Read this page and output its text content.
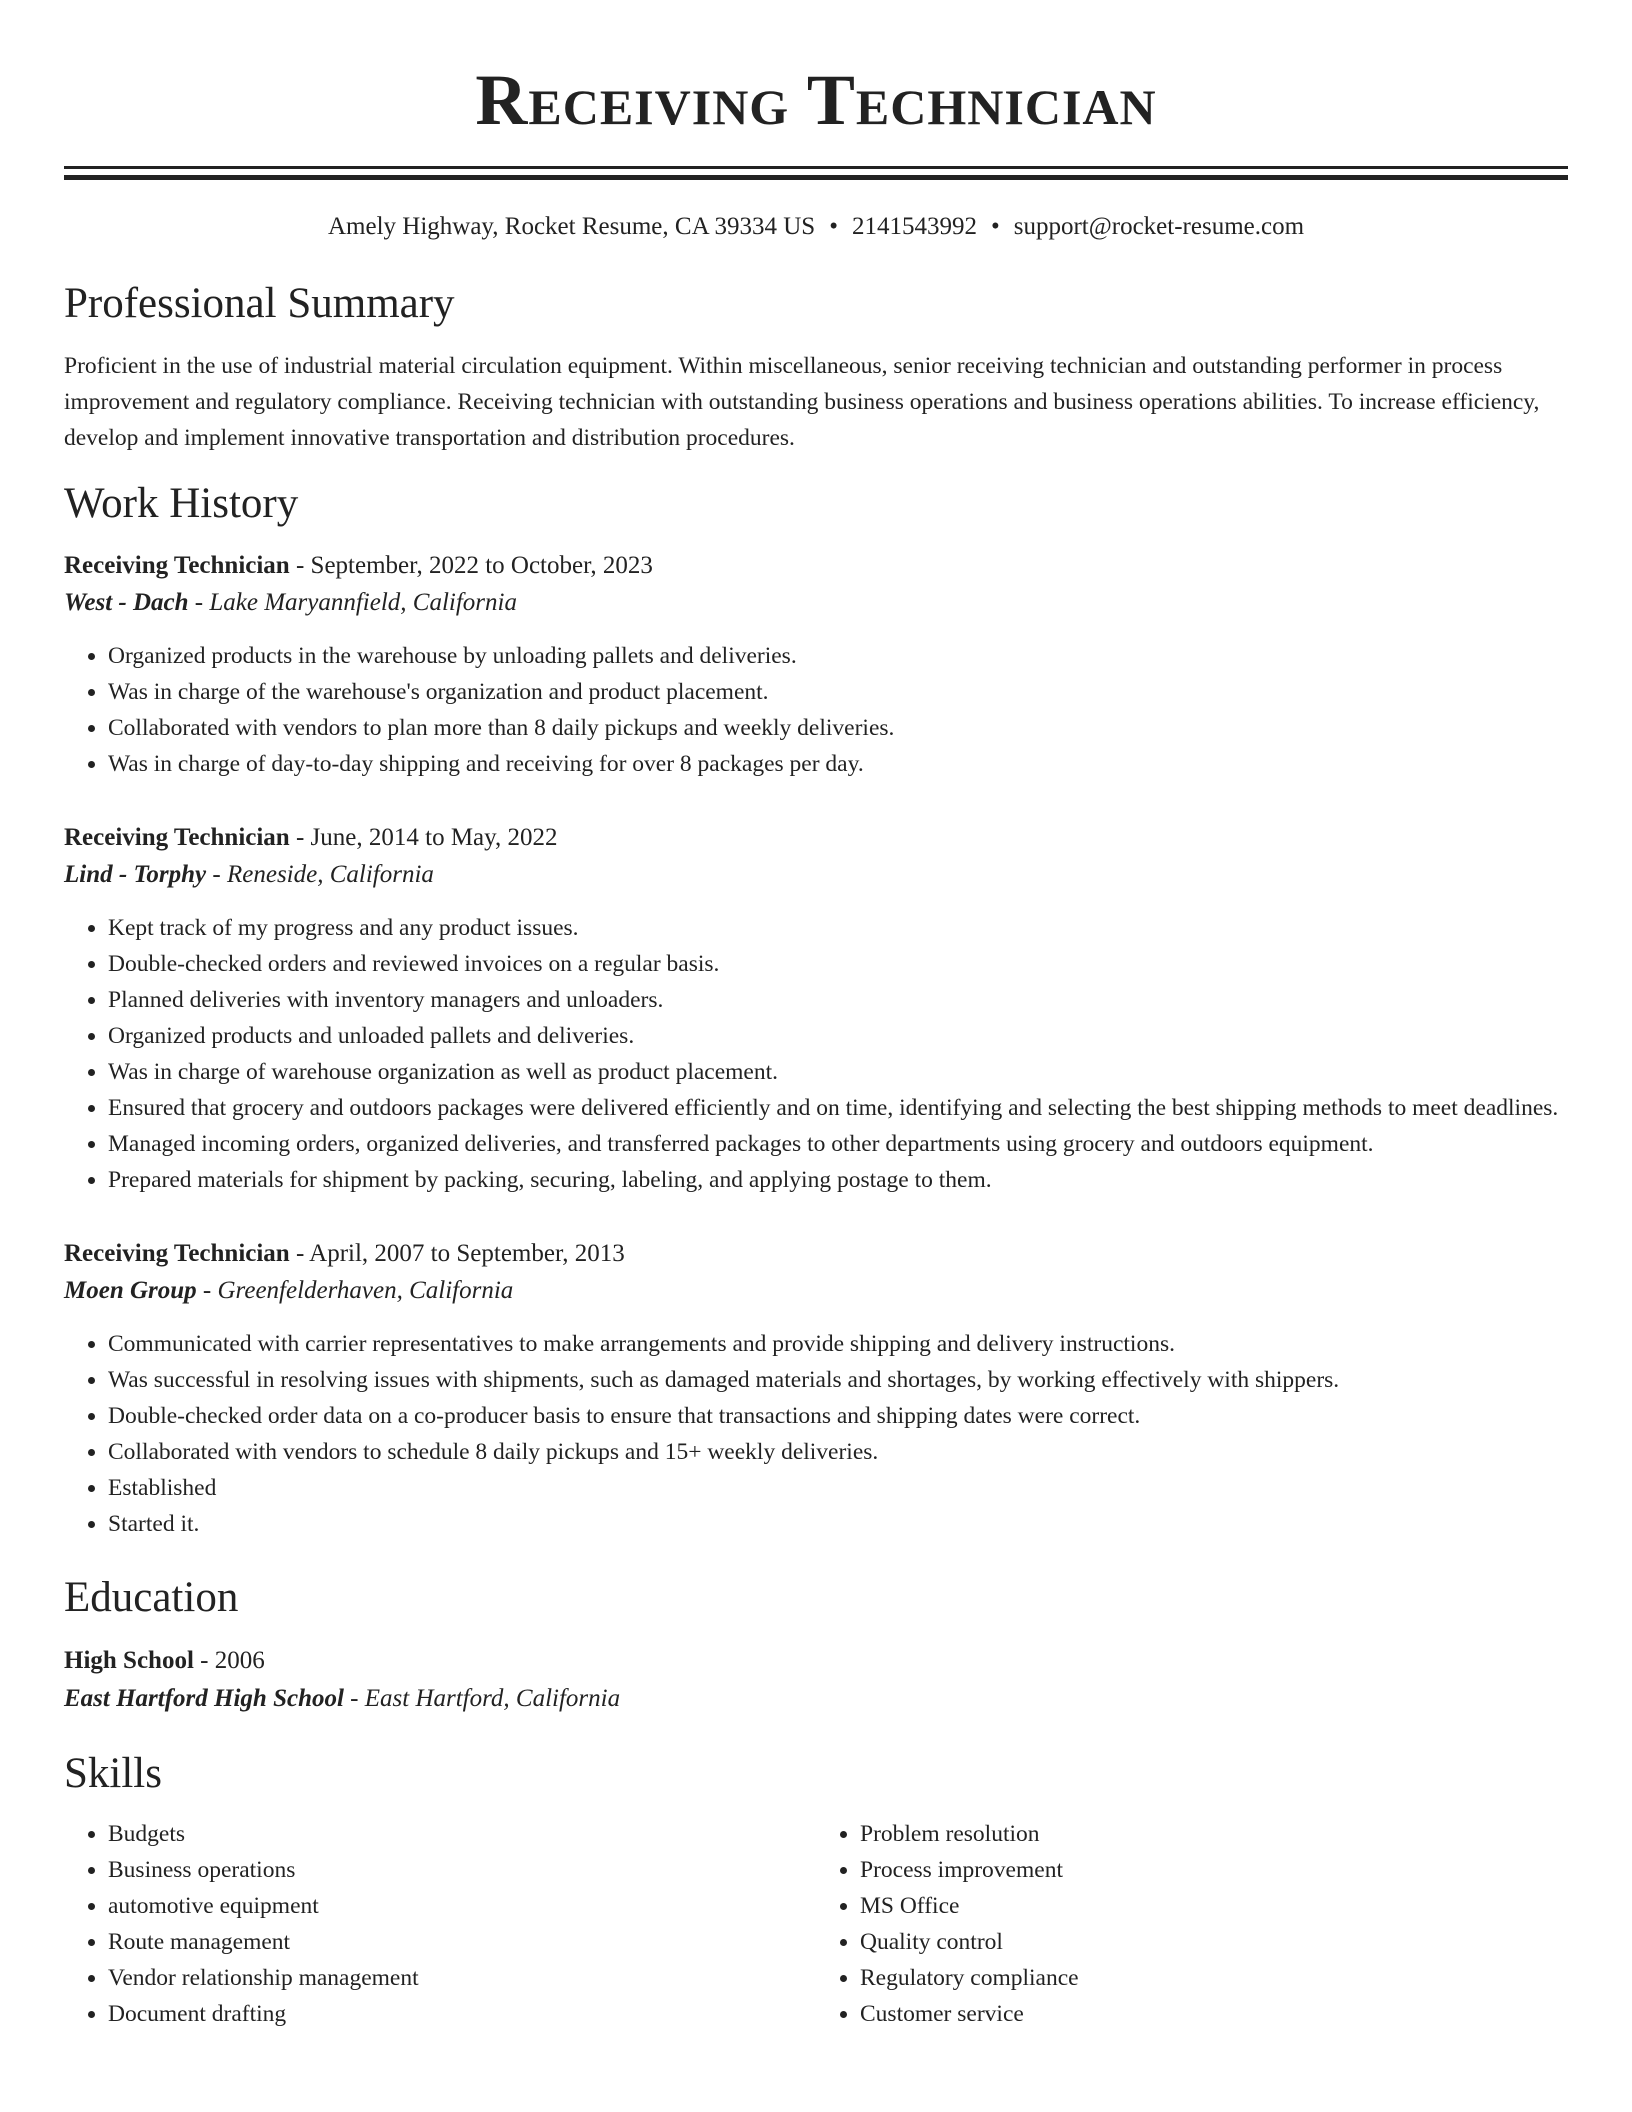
Receiving Technician
Amely Highway, Rocket Resume, CA 39334 US • 2141543992 • support@rocket-resume.com
Professional Summary

Proficient in the use of industrial material circulation equipment. Within miscellaneous, senior receiving technician and outstanding performer in process improvement and regulatory compliance. Receiving technician with outstanding business operations and business operations abilities. To increase efficiency, develop and implement innovative transportation and distribution procedures.

Work History
Receiving Technician - September, 2022 to October, 2023
West - Dach - Lake Maryannfield, California
• Organized products in the warehouse by unloading pallets and deliveries.
• Was in charge of the warehouse's organization and product placement.
• Collaborated with vendors to plan more than 8 daily pickups and weekly deliveries.
• Was in charge of day-to-day shipping and receiving for over 8 packages per day.
Receiving Technician - June, 2014 to May, 2022
Lind - Torphy - Reneside, California
• Kept track of my progress and any product issues.
• Double-checked orders and reviewed invoices on a regular basis.
• Planned deliveries with inventory managers and unloaders.
• Organized products and unloaded pallets and deliveries.
• Was in charge of warehouse organization as well as product placement.
• Ensured that grocery and outdoors packages were delivered efficiently and on time, identifying and selecting the best shipping methods to meet deadlines.
• Managed incoming orders, organized deliveries, and transferred packages to other departments using grocery and outdoors equipment.
• Prepared materials for shipment by packing, securing, labeling, and applying postage to them.
Receiving Technician - April, 2007 to September, 2013
Moen Group - Greenfelderhaven, California
• Communicated with carrier representatives to make arrangements and provide shipping and delivery instructions.
• Was successful in resolving issues with shipments, such as damaged materials and shortages, by working effectively with shippers.
• Double-checked order data on a co-producer basis to ensure that transactions and shipping dates were correct.
• Collaborated with vendors to schedule 8 daily pickups and 15+ weekly deliveries.
• Established
• Started it.
Education
High School - 2006
East Hartford High School - East Hartford, California
Skills
• Budgets
• Business operations
• automotive equipment
• Route management
• Vendor relationship management
• Document drafting
• Problem resolution
• Process improvement
• MS Office
• Quality control
• Regulatory compliance
• Customer service
